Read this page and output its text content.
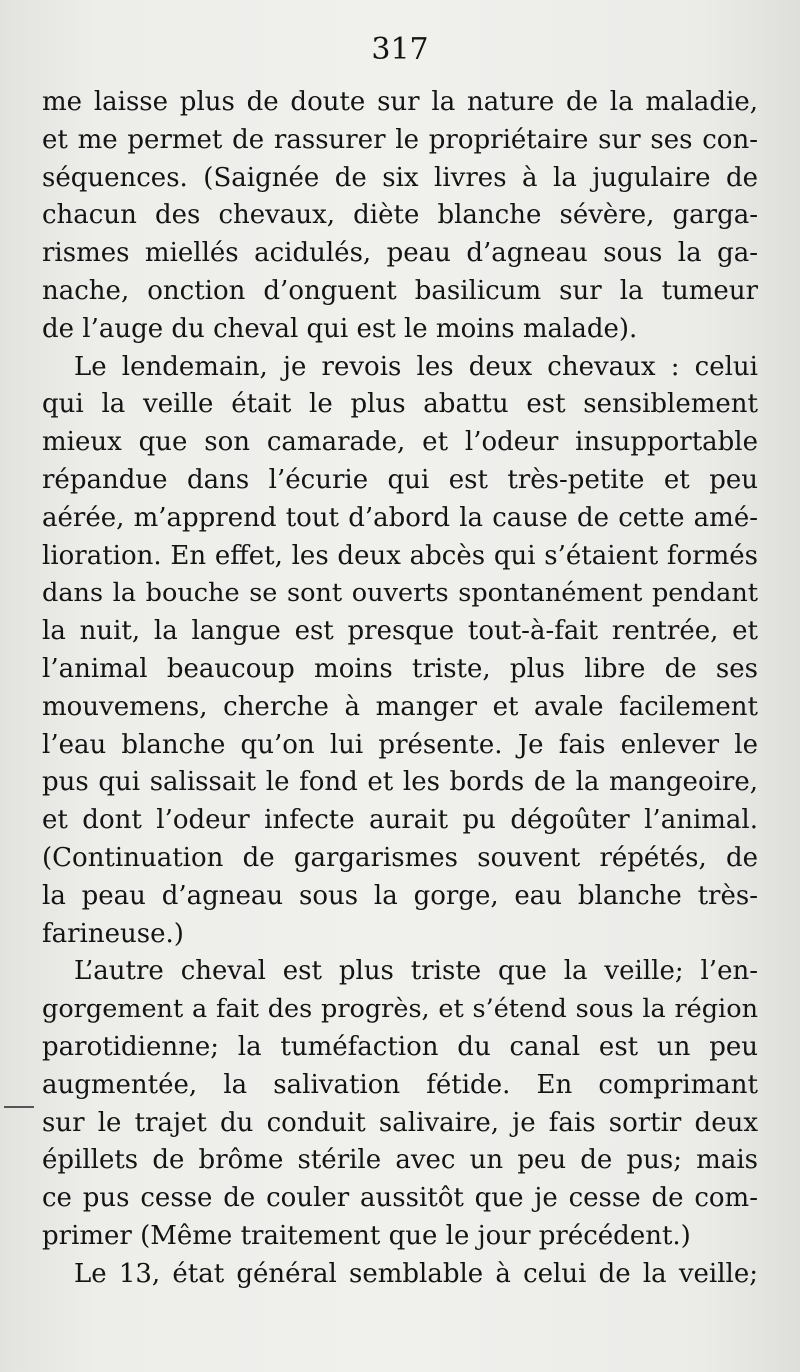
317
me laisse plus de doute sur la nature de la maladie,
et me permet de rassurer le propriétaire sur ses con-
séquences. (Saignée de six livres à la jugulaire de
chacun des chevaux, diète blanche sévère, garga-
rismes miellés acidulés, peau d’agneau sous la ga-
nache, onction d’onguent basilicum sur la tumeur
de l’auge du cheval qui est le moins malade).
Le lendemain, je revois les deux chevaux : celui
qui la veille était le plus abattu est sensiblement
mieux que son camarade, et l’odeur insupportable
répandue dans l’écurie qui est très-petite et peu
aérée, m’apprend tout d’abord la cause de cette amé-
lioration. En effet, les deux abcès qui s’étaient formés
dans la bouche se sont ouverts spontanément pendant
la nuit, la langue est presque tout-à-fait rentrée, et
l’animal beaucoup moins triste, plus libre de ses
mouvemens, cherche à manger et avale facilement
l’eau blanche qu’on lui présente. Je fais enlever le
pus qui salissait le fond et les bords de la mangeoire,
et dont l’odeur infecte aurait pu dégoûter l’animal.
(Continuation de gargarismes souvent répétés, de
la peau d’agneau sous la gorge, eau blanche très-
farineuse.)
L’autre cheval est plus triste que la veille; l’en-
gorgement a fait des progrès, et s’étend sous la région
parotidienne; la tuméfaction du canal est un peu
augmentée, la salivation fétide. En comprimant
sur le trajet du conduit salivaire, je fais sortir deux
épillets de brôme stérile avec un peu de pus; mais
ce pus cesse de couler aussitôt que je cesse de com-
primer (Même traitement que le jour précédent.)
Le 13, état général semblable à celui de la veille;
